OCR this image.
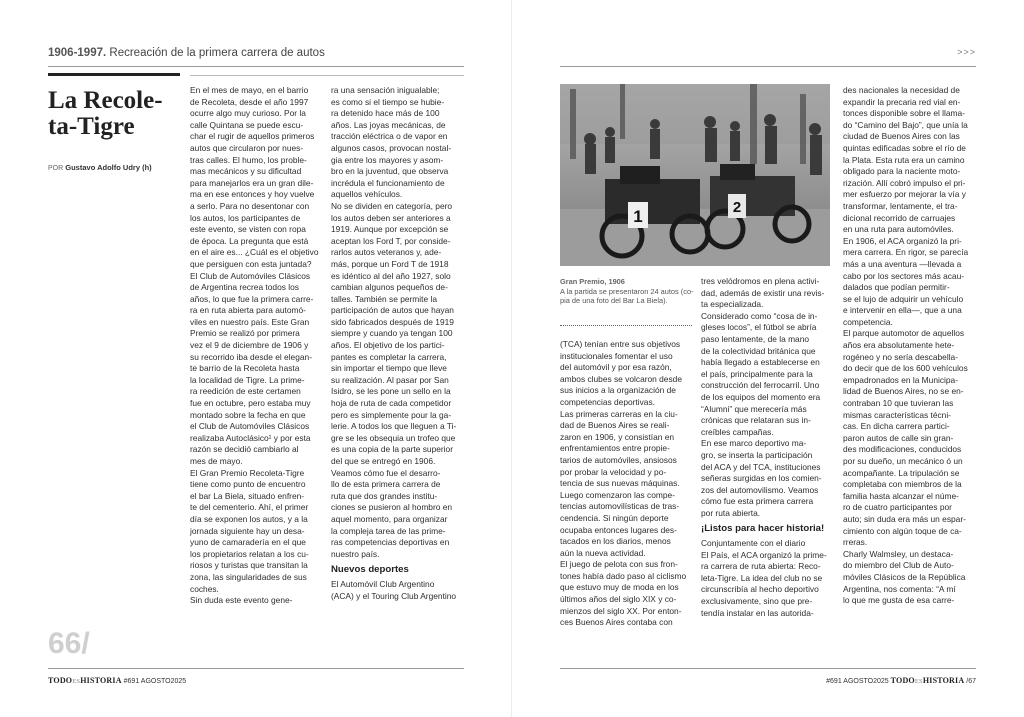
1906-1997. Recreación de la primera carrera de autos
La Recole-
ta-Tigre
POR Gustavo Adolfo Udry (h)

En el mes de mayo, en el barrio

de Recoleta, desde el año 1997

ocurre algo muy curioso. Por la

calle Quintana se puede escu-

char el rugir de aquellos primeros

autos que circularon por nues-

tras calles. El humo, los proble-

mas mecánicos y su dificultad

para manejarlos era un gran dile-

ma en ese entonces y hoy vuelve

a serlo. Para no desentonar con

los autos, los participantes de

este evento, se visten con ropa

de época. La pregunta que está

en el aire es... ¿Cuál es el objetivo

que persiguen con esta juntada?

El Club de Automóviles Clásicos

de Argentina recrea todos los

años, lo que fue la primera carre-

ra en ruta abierta para automó-

viles en nuestro país. Este Gran

Premio se realizó por primera

vez el 9 de diciembre de 1906 y

su recorrido iba desde el elegan-

te barrio de la Recoleta hasta

la localidad de Tigre. La prime-

ra reedición de este certamen

fue en octubre, pero estaba muy

montado sobre la fecha en que

el Club de Automóviles Clásicos

realizaba Autoclásico¹ y por esta

razón se decidió cambiarlo al

mes de mayo.

El Gran Premio Recoleta-Tigre

tiene como punto de encuentro

el bar La Biela, situado enfren-

te del cementerio. Ahí, el primer

día se exponen los autos, y a la

jornada siguiente hay un desa-

yuno de camaradería en el que

los propietarios relatan a los cu-

riosos y turistas que transitan la

zona, las singularidades de sus

coches.

Sin duda este evento gene-

ra una sensación inigualable;

es como si el tiempo se hubie-

ra detenido hace más de 100

años. Las joyas mecánicas, de

tracción eléctrica o de vapor en

algunos casos, provocan nostal-

gia entre los mayores y asom-

bro en la juventud, que observa

incrédula el funcionamiento de

aquellos vehículos.

No se dividen en categoría, pero

los autos deben ser anteriores a

1919. Aunque por excepción se

aceptan los Ford T, por conside-

rarlos autos veteranos y, ade-

más, porque un Ford T de 1918

es idéntico al del año 1927, solo

cambian algunos pequeños de-

talles. También se permite la

participación de autos que hayan

sido fabricados después de 1919

siempre y cuando ya tengan 100

años. El objetivo de los partici-

pantes es completar la carrera,

sin importar el tiempo que lleve

su realización. Al pasar por San

Isidro, se les pone un sello en la

hoja de ruta de cada competidor

pero es simplemente pour la ga-

lerie. A todos los que lleguen a Ti-

gre se les obsequia un trofeo que

es una copia de la parte superior

del que se entregó en 1906.

Veamos cómo fue el desarro-

llo de esta primera carrera de

ruta que dos grandes institu-

ciones se pusieron al hombro en

aquel momento, para organizar

la compleja tarea de las prime-

ras competencias deportivas en

nuestro país.

Nuevos deportes

El Automóvil Club Argentino

(ACA) y el Touring Club Argentino

66/
TODOESHISTORIA #691 AGOSTO2025
>>>
1	2
Gran Premio, 1906
A la partida se presentaron 24 autos (co-
pia de una foto del Bar La Biela).

(TCA) tenían entre sus objetivos

institucionales fomentar el uso

del automóvil y por esa razón,

ambos clubes se volcaron desde

sus inicios a la organización de

competencias deportivas.

Las primeras carreras en la ciu-

dad de Buenos Aires se reali-

zaron en 1906, y consistían en

enfrentamientos entre propie-

tarios de automóviles, ansiosos

por probar la velocidad y po-

tencia de sus nuevas máquinas.

Luego comenzaron las compe-

tencias automovilísticas de tras-

cendencia. Si ningún deporte

ocupaba entonces lugares des-

tacados en los diarios, menos

aún la nueva actividad.

El juego de pelota con sus fron-

tones había dado paso al ciclismo

que estuvo muy de moda en los

últimos años del siglo XIX y co-

mienzos del siglo XX. Por enton-

ces Buenos Aires contaba con

tres velódromos en plena activi-

dad, además de existir una revis-

ta especializada.

Considerado como “cosa de in-

gleses locos”, el fútbol se abría

paso lentamente, de la mano

de la colectividad británica que

había llegado a establecerse en

el país, principalmente para la

construcción del ferrocarril. Uno

de los equipos del momento era

“Alumni” que merecería más

crónicas que relataran sus in-

creíbles campañas.

En ese marco deportivo ma-

gro, se inserta la participación

del ACA y del TCA, instituciones

señeras surgidas en los comien-

zos del automovilismo. Veamos

cómo fue esta primera carrera

por ruta abierta.

¡Listos para hacer historia!

Conjuntamente con el diario

El País, el ACA organizó la prime-

ra carrera de ruta abierta: Reco-

leta-Tigre. La idea del club no se

circunscribía al hecho deportivo

exclusivamente, sino que pre-

tendía instalar en las autorida-

des nacionales la necesidad de

expandir la precaria red vial en-

tonces disponible sobre el llama-

do “Camino del Bajo”, que unía la

ciudad de Buenos Aires con las

quintas edificadas sobre el río de

la Plata. Esta ruta era un camino

obligado para la naciente moto-

rización. Allí cobró impulso el pri-

mer esfuerzo por mejorar la vía y

transformar, lentamente, el tra-

dicional recorrido de carruajes

en una ruta para automóviles.

En 1906, el ACA organizó la pri-

mera carrera. En rigor, se parecía

más a una aventura —llevada a

cabo por los sectores más acau-

dalados que podían permitir-

se el lujo de adquirir un vehículo

e intervenir en ella—, que a una

competencia.

El parque automotor de aquellos

años era absolutamente hete-

rogéneo y no sería descabella-

do decir que de los 600 vehículos

empadronados en la Municipa-

lidad de Buenos Aires, no se en-

contraban 10 que tuvieran las

mismas características técni-

cas. En dicha carrera partici-

paron autos de calle sin gran-

des modificaciones, conducidos

por su dueño, un mecánico ó un

acompañante. La tripulación se

completaba con miembros de la

familia hasta alcanzar el núme-

ro de cuatro participantes por

auto; sin duda era más un espar-

cimiento con algún toque de ca-

rreras.

Charly Walmsley, un destaca-

do miembro del Club de Auto-

móviles Clásicos de la República

Argentina, nos comenta: “A mí

lo que me gusta de esa carre-

#691 AGOSTO2025 TODOESHISTORIA /67
